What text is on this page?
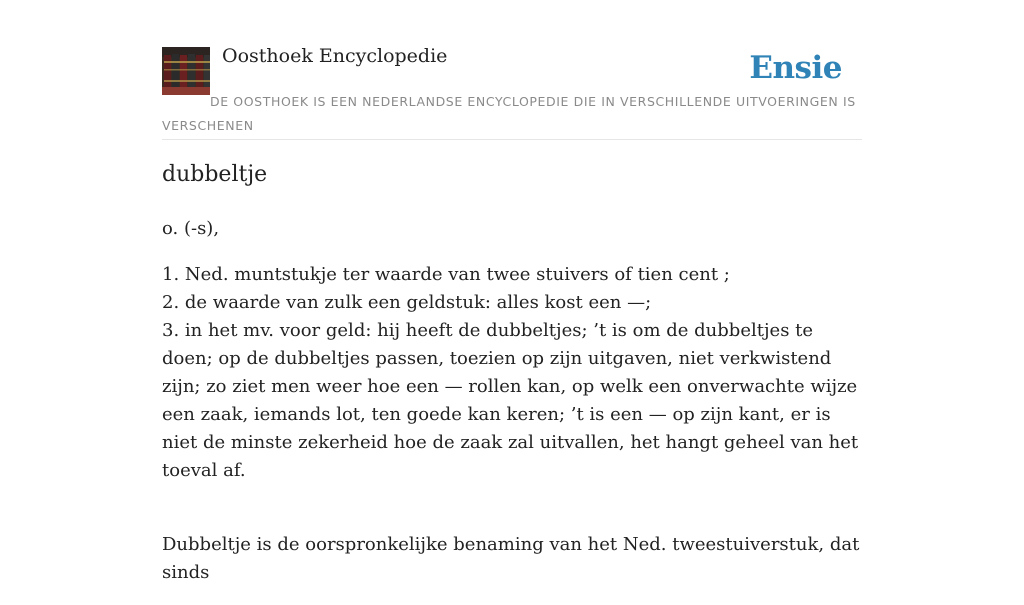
Oosthoek Encyclopedie	Ensie
DE OOSTHOEK IS EEN NEDERLANDSE ENCYCLOPEDIE DIE IN VERSCHILLENDE UITVOERINGEN IS VERSCHENEN
dubbeltje

o. (-s),

1. Ned. muntstukje ter waarde van twee stuivers of tien cent ;
2. de waarde van zulk een geldstuk: alles kost een —;
3. in het mv. voor geld: hij heeft de dubbeltjes; ’t is om de dubbeltjes te doen; op de dubbeltjes passen, toezien op zijn uitgaven, niet verkwistend zijn; zo ziet men weer hoe een — rollen kan, op welk een onverwachte wijze een zaak, iemands lot, ten goede kan keren; ’t is een — op zijn kant, er is niet de minste zekerheid hoe de zaak zal uitvallen, het hangt geheel van het toeval af.

Dubbeltje is de oorspronkelijke benaming van het Ned. tweestuiverstuk, dat sinds
